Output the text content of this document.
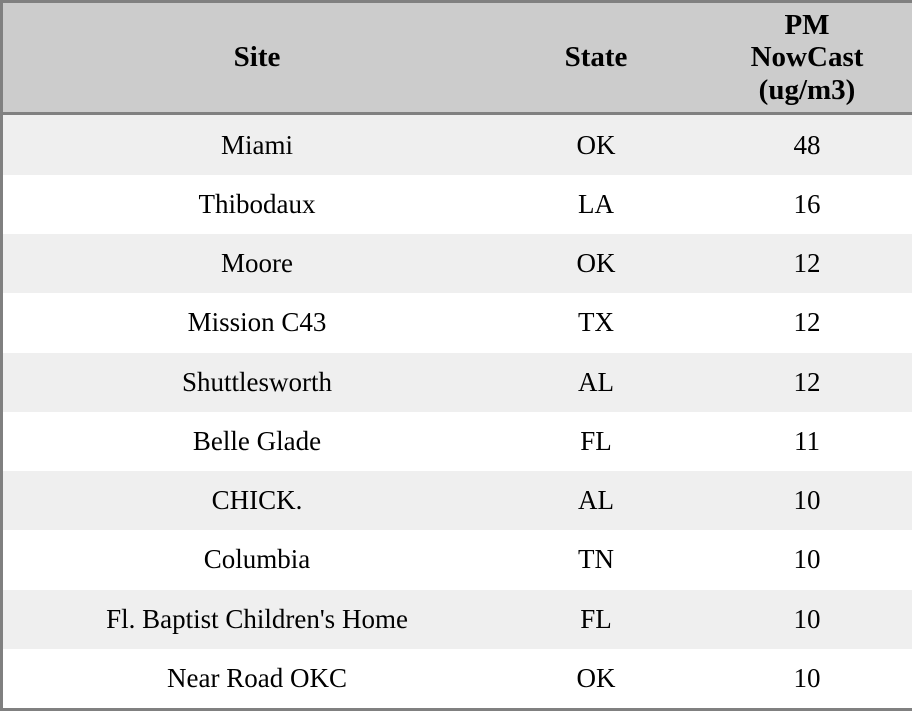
Site	State	PM
NowCast
(ug/m3)

Miami	OK	48
Thibodaux	LA	16
Moore	OK	12
Mission C43	TX	12
Shuttlesworth	AL	12
Belle Glade	FL	11
CHICK.	AL	10
Columbia	TN	10
Fl. Baptist Children's Home	FL	10
Near Road OKC	OK	10
